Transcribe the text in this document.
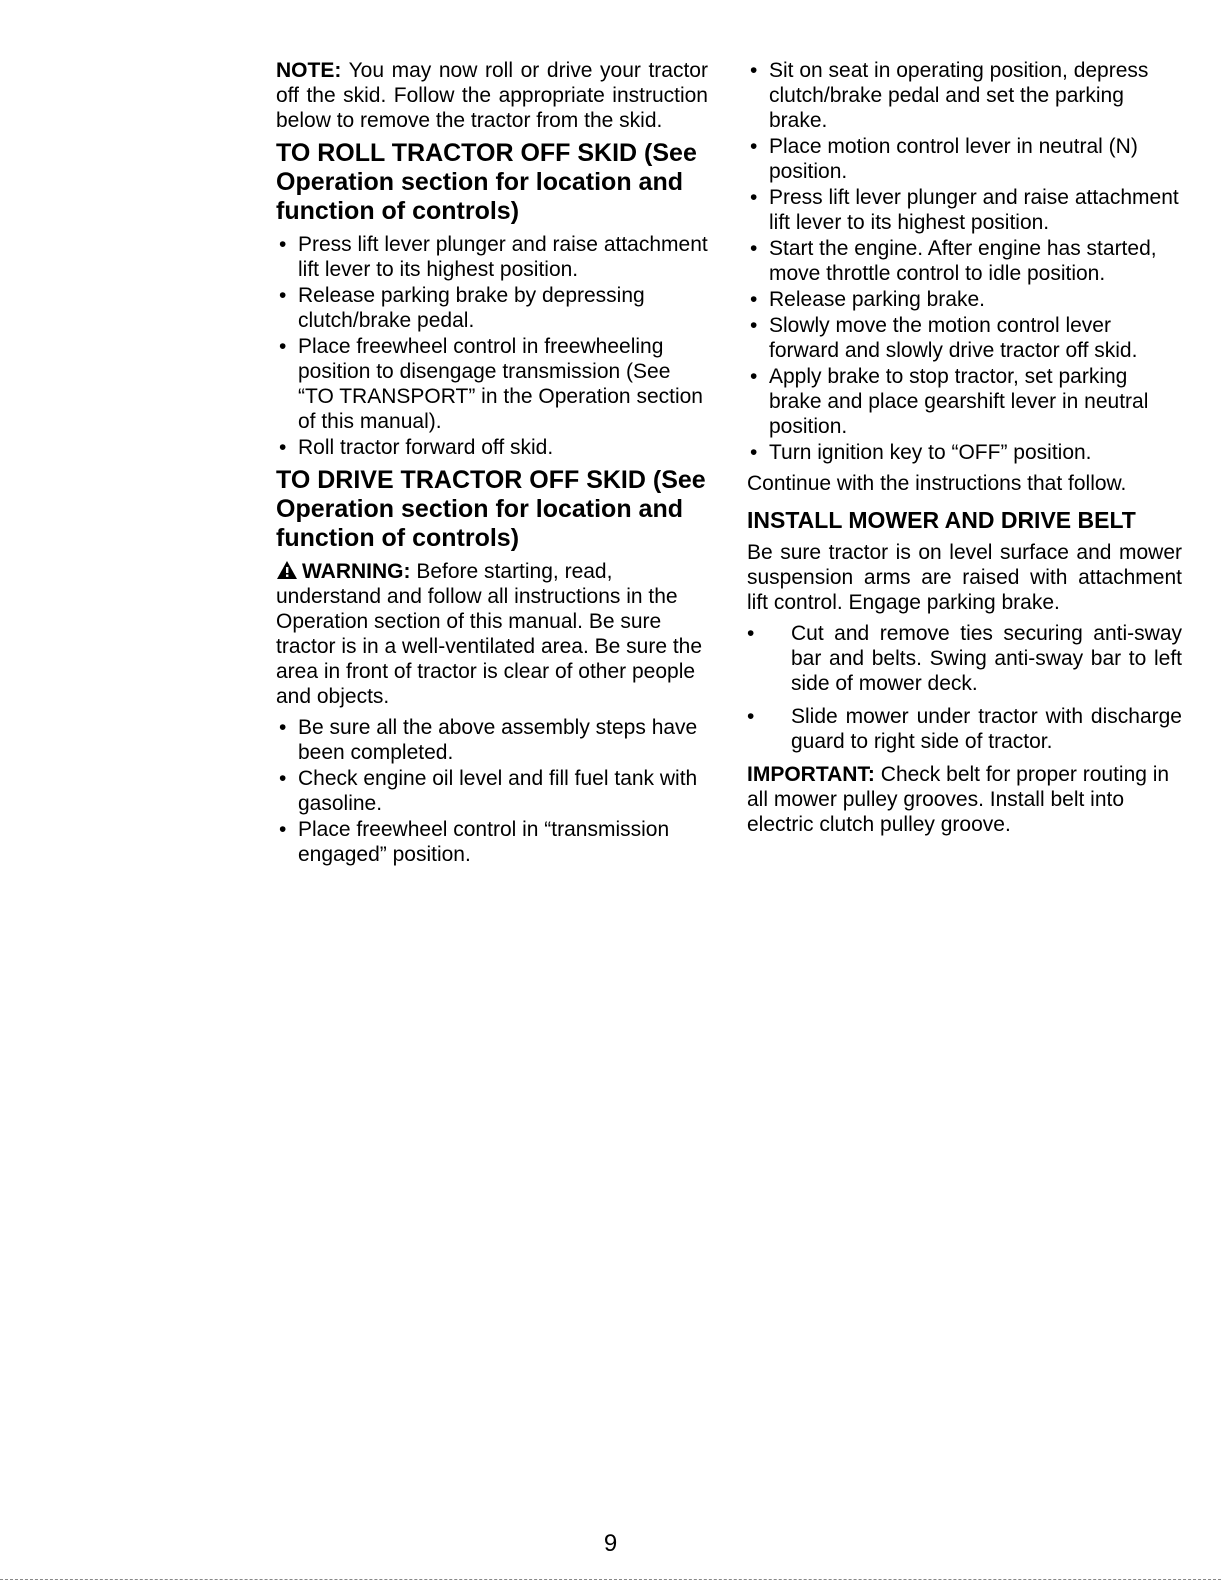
NOTE: You may now roll or drive your tractor off the skid. Follow the appropriate instruction below to remove the tractor from the skid.

TO ROLL TRACTOR OFF SKID (See Operation section for location and function of controls)
• Press lift lever plunger and raise attachment lift lever to its highest position.
• Release parking brake by depressing clutch/brake pedal.
• Place freewheel control in freewheeling position to disengage transmission (See “TO TRANSPORT” in the Operation section of this manual).
• Roll tractor forward off skid.
TO DRIVE TRACTOR OFF SKID (See Operation section for location and function of controls)

WARNING: Before starting, read, understand and follow all instructions in the Operation section of this manual. Be sure tractor is in a well-ventilated area. Be sure the area in front of tractor is clear of other people and objects.

• Be sure all the above assembly steps have been completed.
• Check engine oil level and fill fuel tank with gasoline.
• Place freewheel control in “transmission engaged” position.
• Sit on seat in operating position, depress clutch/brake pedal and set the parking brake.
• Place motion control lever in neutral (N) position.
• Press lift lever plunger and raise attachment lift lever to its highest position.
• Start the engine. After engine has started, move throttle control to idle position.
• Release parking brake.
• Slowly move the motion control lever forward and slowly drive tractor off skid.
• Apply brake to stop tractor, set parking brake and place gearshift lever in neutral position.
• Turn ignition key to “OFF” position.

Continue with the instructions that follow.

INSTALL MOWER AND DRIVE BELT

Be sure tractor is on level surface and mower suspension arms are raised with attachment lift control. Engage parking brake.

• Cut and remove ties securing anti-sway bar and belts. Swing anti-sway bar to left side of mower deck.
• Slide mower under tractor with discharge guard to right side of tractor.

IMPORTANT: Check belt for proper routing in all mower pulley grooves. Install belt into electric clutch pulley groove.

9
